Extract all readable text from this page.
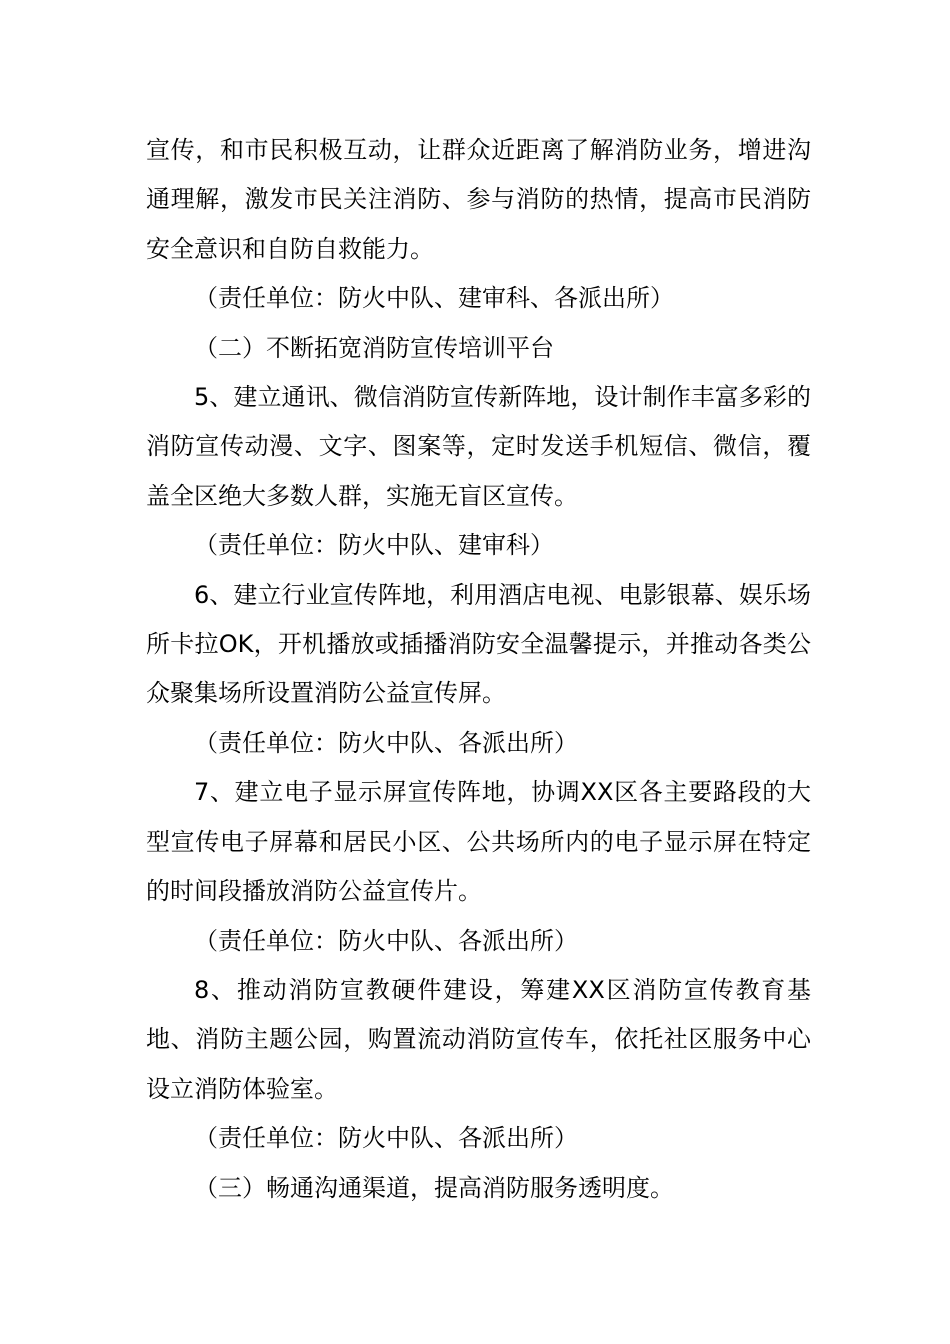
宣传，和市民积极互动，让群众近距离了解消防业务，增进沟通理解，激发市民关注消防、参与消防的热情，提高市民消防安全意识和自防自救能力。

（责任单位：防火中队、建审科、各派出所）

（二）不断拓宽消防宣传培训平台

5、建立通讯、微信消防宣传新阵地，设计制作丰富多彩的消防宣传动漫、文字、图案等，定时发送手机短信、微信，覆盖全区绝大多数人群，实施无盲区宣传。

（责任单位：防火中队、建审科）

6、建立行业宣传阵地，利用酒店电视、电影银幕、娱乐场所卡拉OK，开机播放或插播消防安全温馨提示，并推动各类公众聚集场所设置消防公益宣传屏。

（责任单位：防火中队、各派出所）

7、建立电子显示屏宣传阵地，协调XX区各主要路段的大型宣传电子屏幕和居民小区、公共场所内的电子显示屏在特定的时间段播放消防公益宣传片。

（责任单位：防火中队、各派出所）

8、推动消防宣教硬件建设，筹建XX区消防宣传教育基地、消防主题公园，购置流动消防宣传车，依托社区服务中心设立消防体验室。

（责任单位：防火中队、各派出所）

（三）畅通沟通渠道，提高消防服务透明度。
